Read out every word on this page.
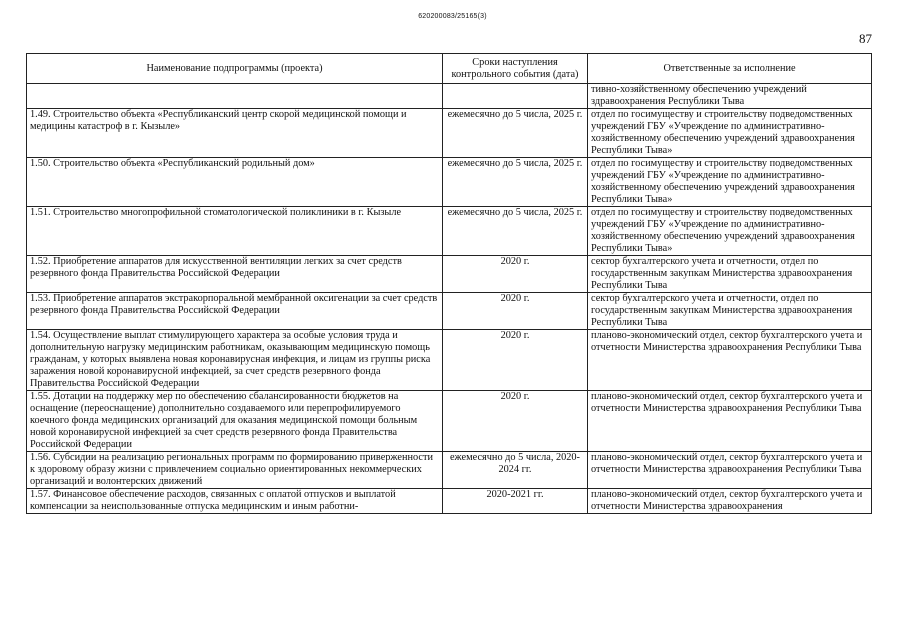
620200083/25165(3)
87
Наименование подпрограммы (проекта)	Сроки наступления контрольного события (дата)	Ответственные за исполнение
		тивно-хозяйственному обеспечению учреждений здравоохранения Республики Тыва
1.49. Строительство объекта «Республиканский центр скорой медицинской помощи и медицины катастроф в г. Кызыле»	ежемесячно до 5 числа, 2025 г.	отдел по госимуществу и строительству подведомственных учреждений ГБУ «Учреждение по административно-хозяйственному обеспечению учреждений здравоохранения Республики Тыва»
1.50. Строительство объекта «Республиканский родильный дом»	ежемесячно до 5 числа, 2025 г.	отдел по госимуществу и строительству подведомственных учреждений ГБУ «Учреждение по административно-хозяйственному обеспечению учреждений здравоохранения Республики Тыва»
1.51. Строительство многопрофильной стоматологической поликлиники в г. Кызыле	ежемесячно до 5 числа, 2025 г.	отдел по госимуществу и строительству подведомственных учреждений ГБУ «Учреждение по административно-хозяйственному обеспечению учреждений здравоохранения Республики Тыва»
1.52. Приобретение аппаратов для искусственной вентиляции легких за счет средств резервного фонда Правительства Российской Федерации	2020 г.	сектор бухгалтерского учета и отчетности, отдел по государственным закупкам Министерства здравоохранения Республики Тыва
1.53. Приобретение аппаратов экстракорпоральной мембранной оксигенации за счет средств резервного фонда Правительства Российской Федерации	2020 г.	сектор бухгалтерского учета и отчетности, отдел по государственным закупкам Министерства здравоохранения Республики Тыва
1.54. Осуществление выплат стимулирующего характера за особые условия труда и дополнительную нагрузку медицинским работникам, оказывающим медицинскую помощь гражданам, у которых выявлена новая коронавирусная инфекция, и лицам из группы риска заражения новой коронавирусной инфекцией, за счет средств резервного фонда Правительства Российской Федерации	2020 г.	планово-экономический отдел, сектор бухгалтерского учета и отчетности Министерства здравоохранения Республики Тыва
1.55. Дотации на поддержку мер по обеспечению сбалансированности бюджетов на оснащение (переоснащение) дополнительно создаваемого или перепрофилируемого коечного фонда медицинских организаций для оказания медицинской помощи больным новой коронавирусной инфекцией за счет средств резервного фонда Правительства Российской Федерации	2020 г.	планово-экономический отдел, сектор бухгалтерского учета и отчетности Министерства здравоохранения Республики Тыва
1.56. Субсидии на реализацию региональных программ по формированию приверженности к здоровому образу жизни с привлечением социально ориентированных некоммерческих организаций и волонтерских движений	ежемесячно до 5 числа, 2020-2024 гг.	планово-экономический отдел, сектор бухгалтерского учета и отчетности Министерства здравоохранения Республики Тыва
1.57. Финансовое обеспечение расходов, связанных с оплатой отпусков и выплатой компенсации за неиспользованные отпуска медицинским и иным работни-	2020-2021 гг.	планово-экономический отдел, сектор бухгалтерского учета и отчетности Министерства здравоохранения
